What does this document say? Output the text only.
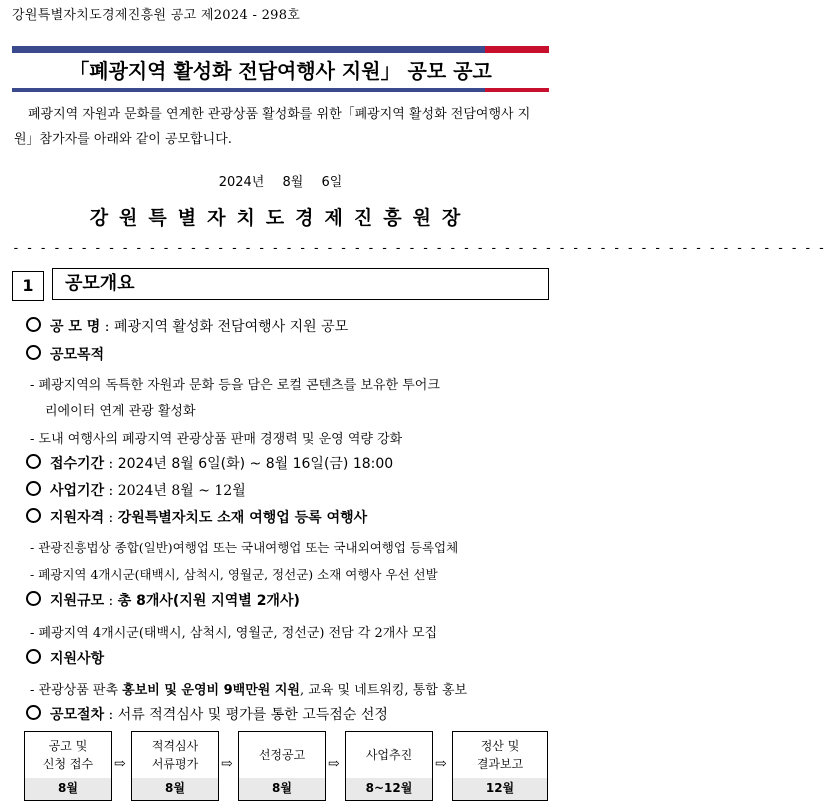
강원특별자치도경제진흥원 공고 제2024 - 298호
「폐광지역 활성화 전담여행사 지원」 공모 공고
폐광지역 자원과 문화를 연계한 관광상품 활성화를 위한「폐광지역 활성화 전담여행사 지원」참가자를 아래와 같이 공모합니다.
2024년 8월 6일
강원특별자치도경제진흥원장
- - - - - - - - - - - - - - - - - - - - - - - - - - - - - - - - - - - - - - - - - - - - - - - - - - - - - - - - - - - -
1	공모개요
공 모 명 : 폐광지역 활성화 전담여행사 지원 공모
공모목적
- 폐광지역의 독특한 자원과 문화 등을 담은 로컬 콘텐츠를 보유한 투어크
리에이터 연계 관광 활성화
- 도내 여행사의 폐광지역 관광상품 판매 경쟁력 및 운영 역량 강화
접수기간 : 2024년 8월 6일(화) ~ 8월 16일(금) 18:00
사업기간 : 2024년 8월 ~ 12월
지원자격 : 강원특별자치도 소재 여행업 등록 여행사
- 관광진흥법상 종합(일반)여행업 또는 국내여행업 또는 국내외여행업 등록업체
- 폐광지역 4개시군(태백시, 삼척시, 영월군, 정선군) 소재 여행사 우선 선발
지원규모 : 총 8개사(지원 지역별 2개사)
- 폐광지역 4개시군(태백시, 삼척시, 영월군, 정선군) 전담 각 2개사 모집
지원사항
- 관광상품 판촉 홍보비 및 운영비 9백만원 지원, 교육 및 네트워킹, 통합 홍보
공모절차 : 서류 적격심사 및 평가를 통한 고득점순 선정
공고 및
신청 접수
8월
⇨
적격심사
서류평가
8월
⇨
선정공고
8월
⇨
사업추진
8~12월
⇨
정산 및
결과보고
12월
